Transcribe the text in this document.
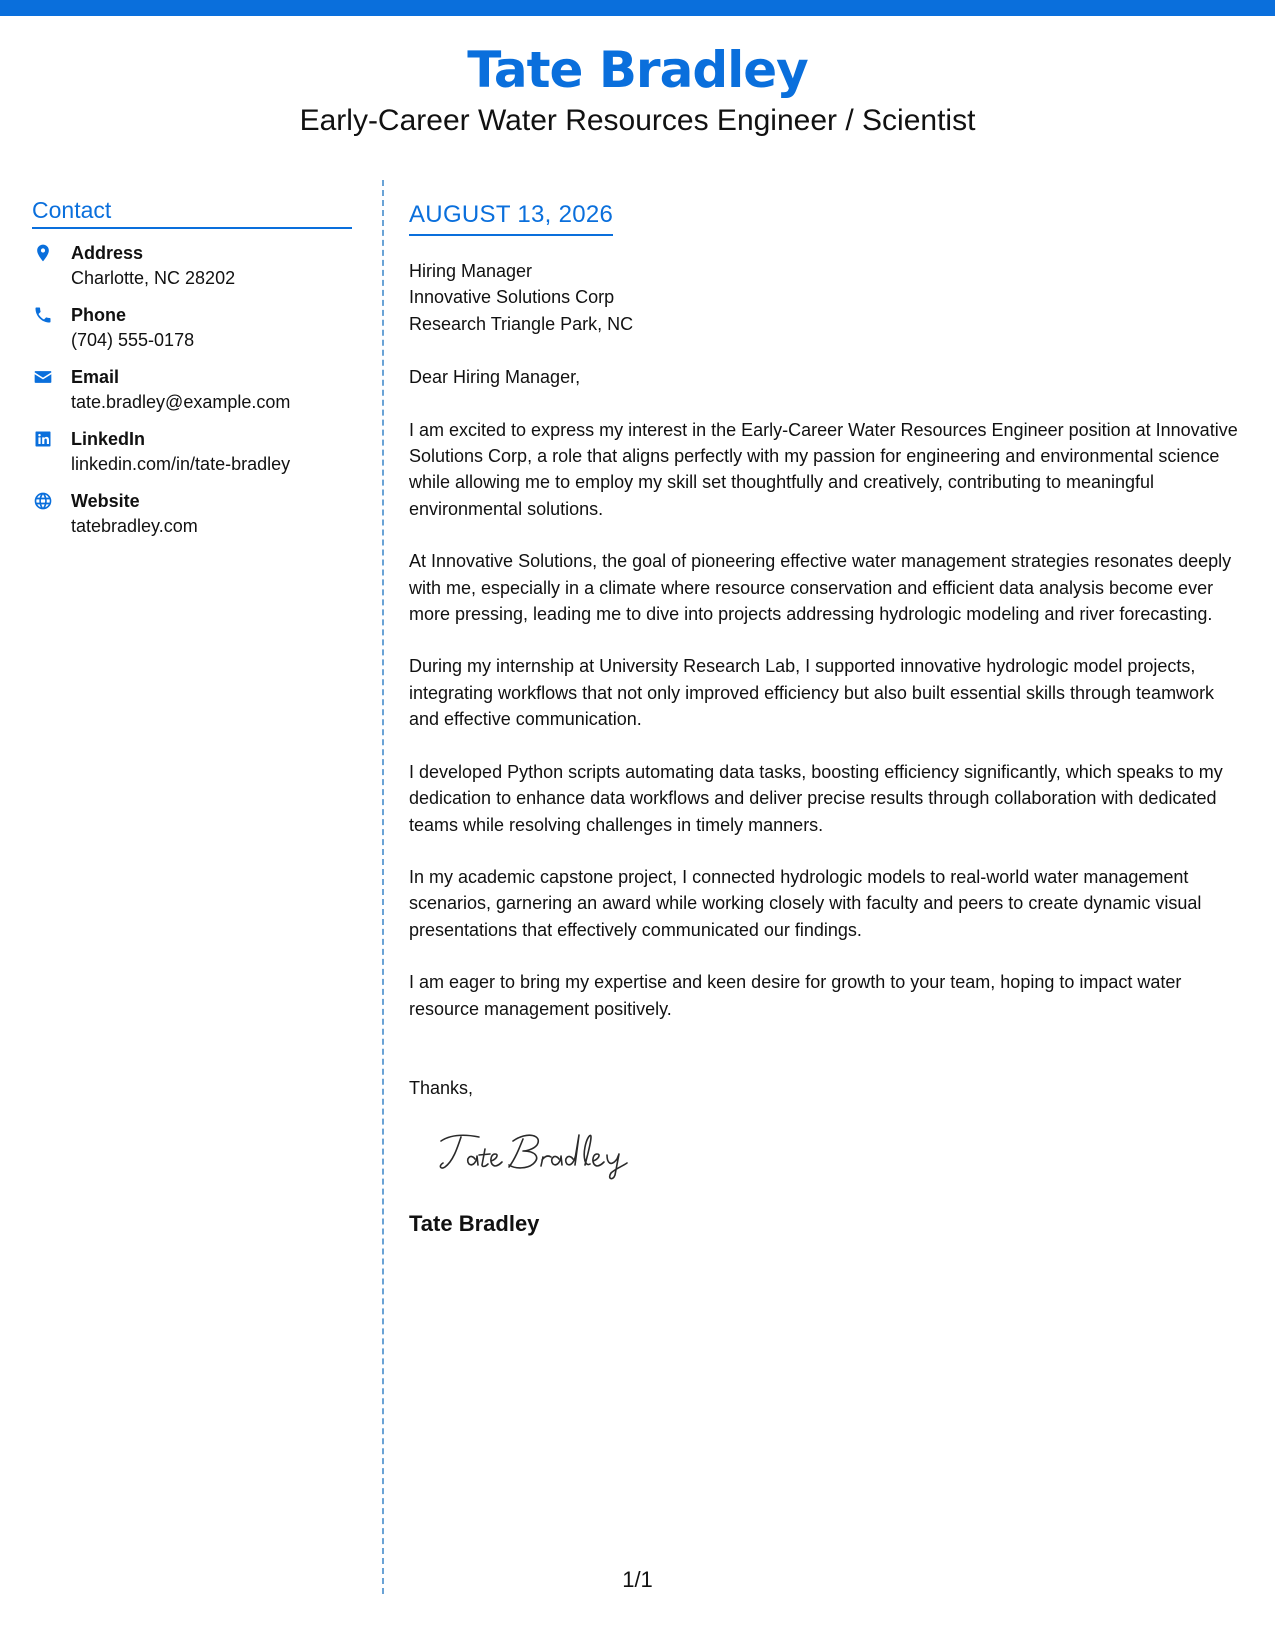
Tate Bradley
Early-Career Water Resources Engineer / Scientist
Contact
Address
Charlotte, NC 28202
Phone
(704) 555-0178
Email
tate.bradley@example.com
LinkedIn
linkedin.com/in/tate-bradley
Website
tatebradley.com
AUGUST 13, 2026
Hiring Manager
Innovative Solutions Corp
Research Triangle Park, NC
Dear Hiring Manager,
I am excited to express my interest in the Early-Career Water Resources Engineer position at Innovative Solutions Corp, a role that aligns perfectly with my passion for engineering and environmental science while allowing me to employ my skill set thoughtfully and creatively, contributing to meaningful environmental solutions.
At Innovative Solutions, the goal of pioneering effective water management strategies resonates deeply with me, especially in a climate where resource conservation and efficient data analysis become ever more pressing, leading me to dive into projects addressing hydrologic modeling and river forecasting.
During my internship at University Research Lab, I supported innovative hydrologic model projects, integrating workflows that not only improved efficiency but also built essential skills through teamwork and effective communication.
I developed Python scripts automating data tasks, boosting efficiency significantly, which speaks to my dedication to enhance data workflows and deliver precise results through collaboration with dedicated teams while resolving challenges in timely manners.
In my academic capstone project, I connected hydrologic models to real-world water management scenarios, garnering an award while working closely with faculty and peers to create dynamic visual presentations that effectively communicated our findings.
I am eager to bring my expertise and keen desire for growth to your team, hoping to impact water resource management positively.
Thanks,
Tate Bradley
1/1
